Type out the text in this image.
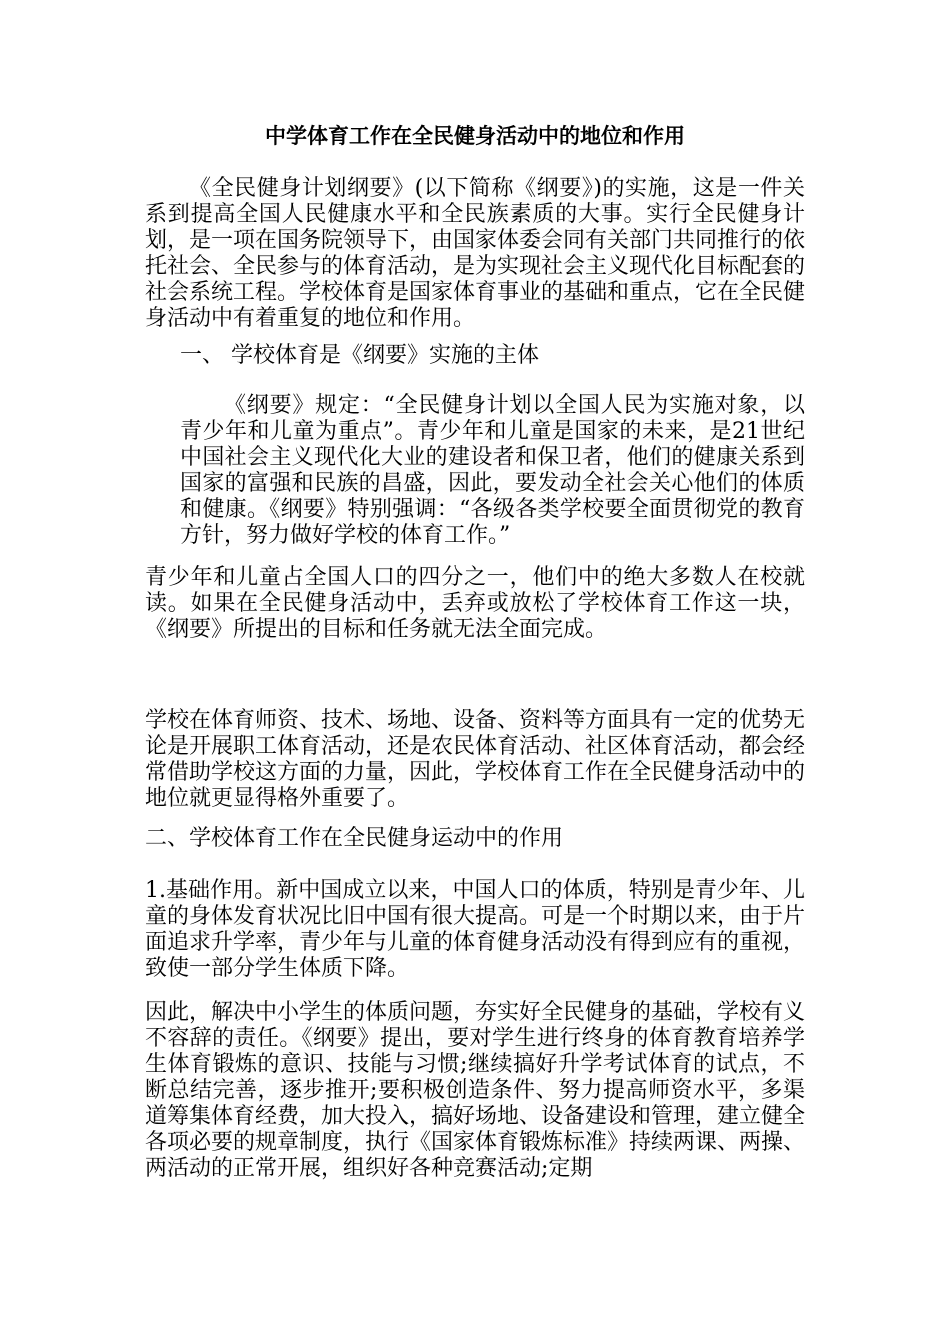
中学体育工作在全民健身活动中的地位和作用

《全民健身计划纲要》(以下简称《纲要》)的实施，这是一件关系到提高全国人民健康水平和全民族素质的大事。实行全民健身计划，是一项在国务院领导下，由国家体委会同有关部门共同推行的依托社会、全民参与的体育活动，是为实现社会主义现代化目标配套的社会系统工程。学校体育是国家体育事业的基础和重点，它在全民健身活动中有着重复的地位和作用。

一、 学校体育是《纲要》实施的主体

《纲要》规定：“全民健身计划以全国人民为实施对象，以青少年和儿童为重点”。青少年和儿童是国家的未来，是21世纪中国社会主义现代化大业的建设者和保卫者，他们的健康关系到国家的富强和民族的昌盛，因此，要发动全社会关心他们的体质和健康。《纲要》特别强调：“各级各类学校要全面贯彻党的教育方针，努力做好学校的体育工作。”

青少年和儿童占全国人口的四分之一，他们中的绝大多数人在校就读。如果在全民健身活动中，丢弃或放松了学校体育工作这一块，《纲要》所提出的目标和任务就无法全面完成。

学校在体育师资、技术、场地、设备、资料等方面具有一定的优势无论是开展职工体育活动，还是农民体育活动、社区体育活动，都会经常借助学校这方面的力量，因此，学校体育工作在全民健身活动中的地位就更显得格外重要了。

二、学校体育工作在全民健身运动中的作用

1.基础作用。新中国成立以来，中国人口的体质，特别是青少年、儿童的身体发育状况比旧中国有很大提高。可是一个时期以来，由于片面追求升学率，青少年与儿童的体育健身活动没有得到应有的重视，致使一部分学生体质下降。

因此，解决中小学生的体质问题，夯实好全民健身的基础，学校有义不容辞的责任。《纲要》提出，要对学生进行终身的体育教育培养学生体育锻炼的意识、技能与习惯;继续搞好升学考试体育的试点，不断总结完善，逐步推开;要积极创造条件、努力提高师资水平，多渠道筹集体育经费，加大投入，搞好场地、设备建设和管理，建立健全各项必要的规章制度，执行《国家体育锻炼标准》持续两课、两操、两活动的正常开展，组织好各种竞赛活动;定期
